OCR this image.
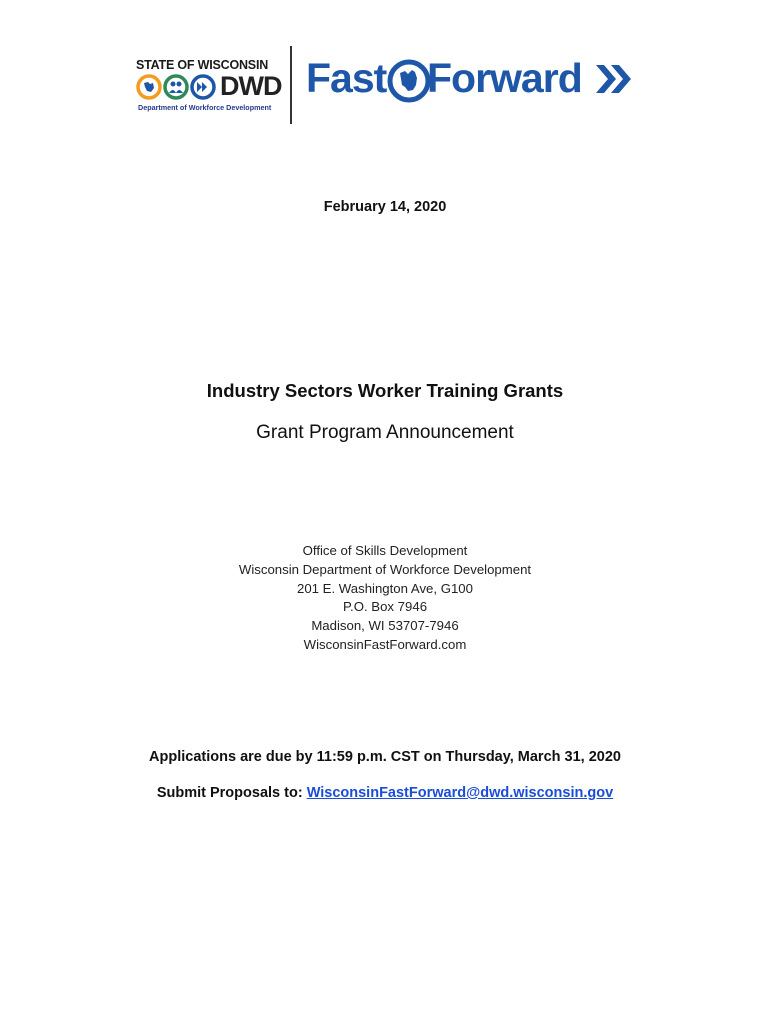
STATE OF WISCONSIN
DWD
Department of Workforce Development
Fast Forward
February 14, 2020
Industry Sectors Worker Training Grants
Grant Program Announcement
Office of Skills Development
Wisconsin Department of Workforce Development
201 E. Washington Ave, G100
P.O. Box 7946
Madison, WI 53707-7946
WisconsinFastForward.com
Applications are due by 11:59 p.m. CST on Thursday, March 31, 2020
Submit Proposals to: WisconsinFastForward@dwd.wisconsin.gov
